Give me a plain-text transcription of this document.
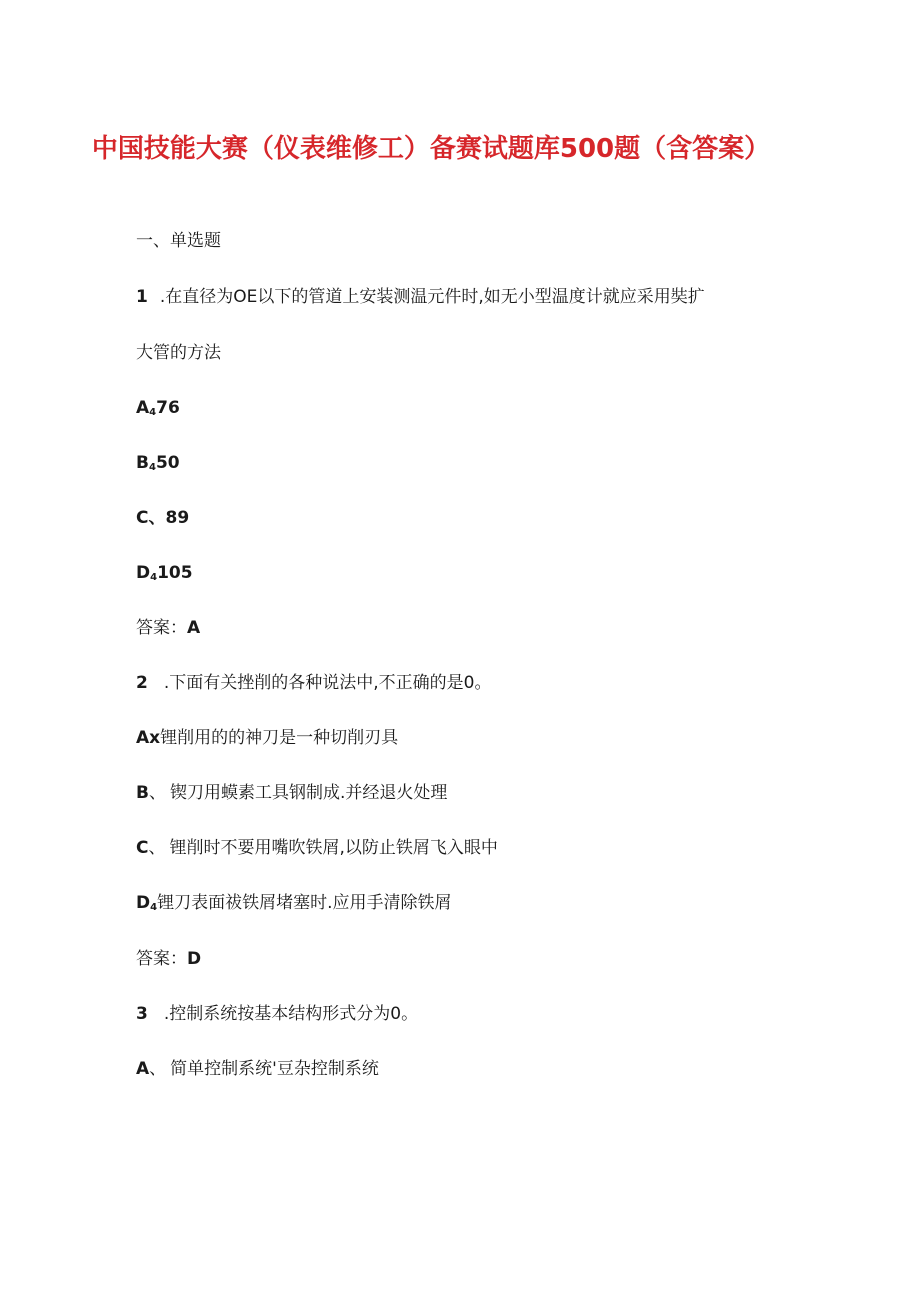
中国技能大赛（仪表维修工）备赛试题库500题（含答案）
一、单选题
1 .在直径为OE以下的管道上安装测温元件时,如无小型温度计就应采用奘扩
大管的方法
$A_476$
$B_450$
C、89
$D_4105$
答案：A
2 .下面有关挫削的各种说法中,不正确的是0。
Ax锂削用的的神刀是一种切削刃具
B、 锲刀用蟆素工具钢制成.并经退火处理
C、 锂削时不要用嘴吹铁屑,以防止铁屑飞入眼中
$D_4$锂刀表面祓铁屑堵塞时.应用手清除铁屑
答案：D
3 .控制系统按基本结构形式分为0。
A、 简单控制系统'豆杂控制系统
